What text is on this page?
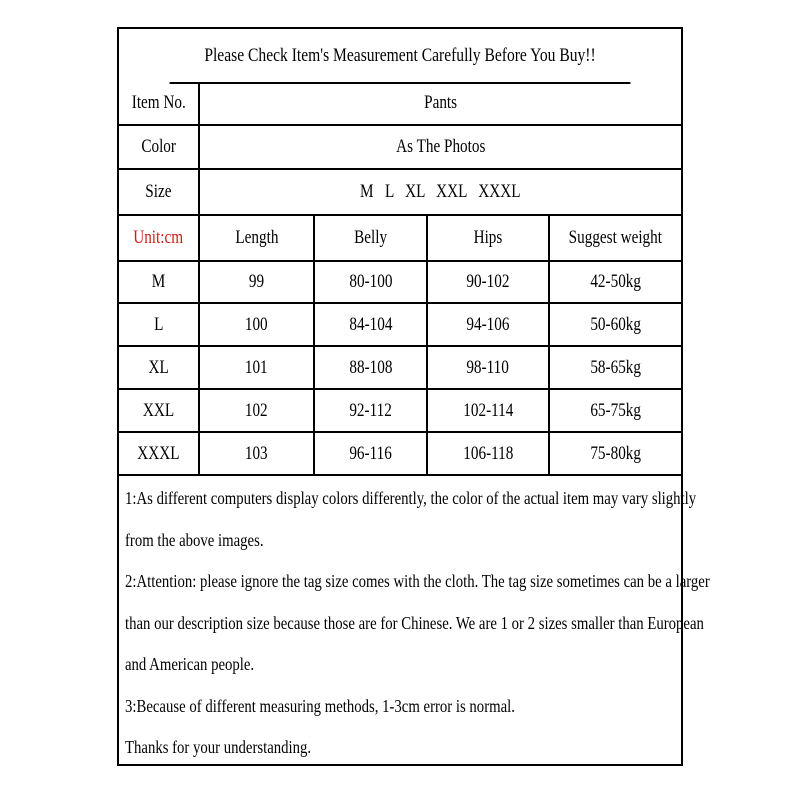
Please Check Item's Measurement Carefully Before You Buy!!
Item No.	Pants			
Color	As The Photos			
Size	M   L   XL   XXL   XXXL			
Unit:cm	Length	Belly	Hips	Suggest weight
M	99	80-100	90-102	42-50kg
L	100	84-104	94-106	50-60kg
XL	101	88-108	98-110	58-65kg
XXL	102	92-112	102-114	65-75kg
XXXL	103	96-116	106-118	75-80kg
1:As different computers display colors differently, the color of the actual item may vary slightly
from the above images.
2:Attention: please ignore the tag size comes with the cloth. The tag size sometimes can be a larger
than our description size because those are for Chinese. We are 1 or 2 sizes smaller than European
and American people.
3:Because of different measuring methods, 1-3cm error is normal.
Thanks for your understanding.
